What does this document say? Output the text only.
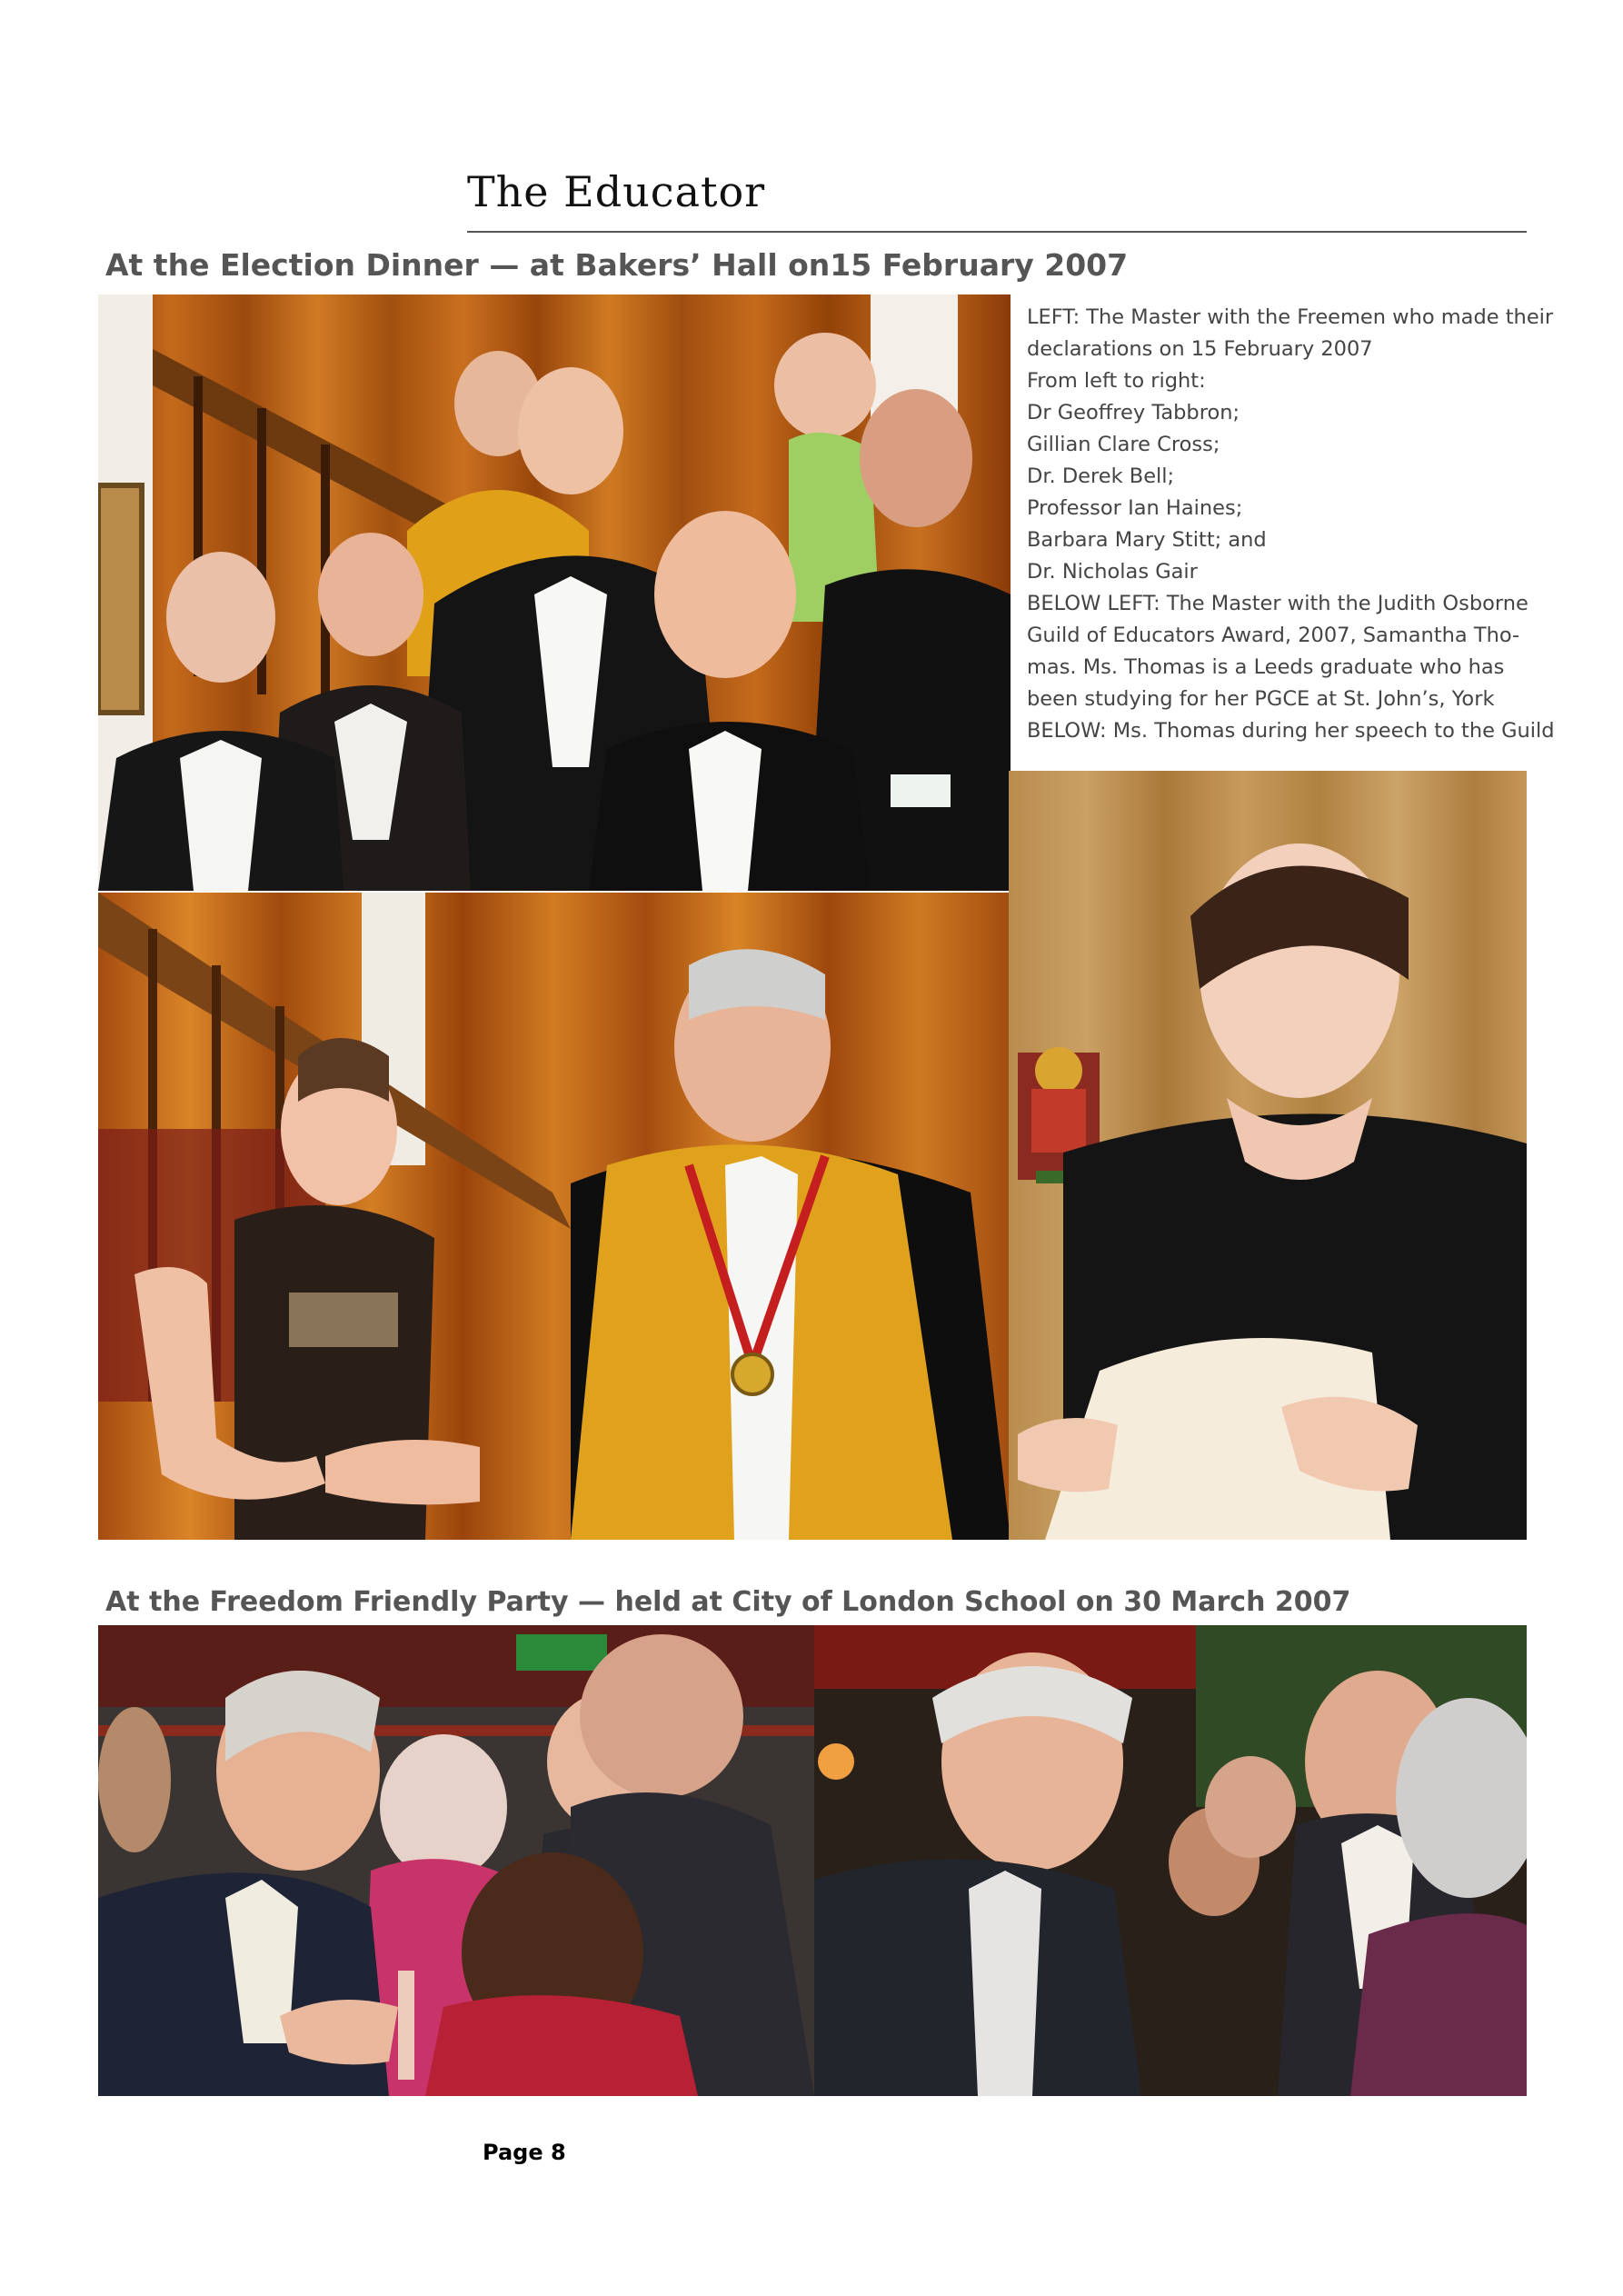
The Educator
At the Election Dinner — at Bakers’ Hall on15 February 2007
LEFT: The Master with the Freemen who made their
declarations on 15 February 2007
From left to right:
Dr Geoffrey Tabbron;
Gillian Clare Cross;
Dr. Derek Bell;
Professor Ian Haines;
Barbara Mary Stitt; and
Dr. Nicholas Gair
BELOW LEFT: The Master with the Judith Osborne
Guild of Educators Award, 2007, Samantha Tho-
mas. Ms. Thomas is a Leeds graduate who has
been studying for her PGCE at St. John’s, York
BELOW: Ms. Thomas during her speech to the Guild
At the Freedom Friendly Party — held at City of London School on 30 March 2007
Page 8
